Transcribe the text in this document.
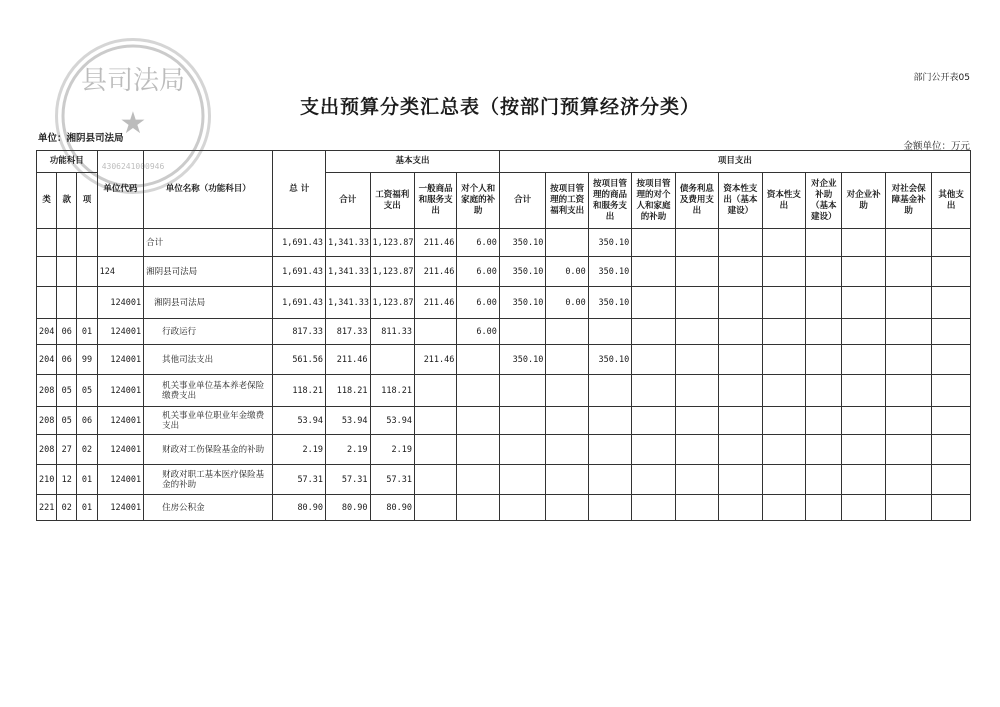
县司法局
★
4306241000946
部门公开表05
支出预算分类汇总表（按部门预算经济分类）
单位：湘阴县司法局
金额单位：万元
功能科目			单位代码	单位名称（功能科目）	总 计	基本支出				项目支出										
类	款	项				合计	工资福利支出	一般商品和服务支出	对个人和家庭的补助	合计	按项目管理的工资福利支出	按项目管理的商品和服务支出	按项目管理的对个人和家庭的补助	债务利息及费用支出	资本性支出（基本建设）	资本性支出	对企业补助（基本建设）	对企业补助	对社会保障基金补助	其他支出
				合计	1,691.43	1,341.33	1,123.87	211.46	6.00	350.10		350.10								
			124	湘阴县司法局	1,691.43	1,341.33	1,123.87	211.46	6.00	350.10	0.00	350.10								
			124001	湘阴县司法局	1,691.43	1,341.33	1,123.87	211.46	6.00	350.10	0.00	350.10								
204	06	01	124001	行政运行	817.33	817.33	811.33		6.00											
204	06	99	124001	其他司法支出	561.56	211.46		211.46		350.10		350.10								
208	05	05	124001	机关事业单位基本养老保险缴费支出	118.21	118.21	118.21													
208	05	06	124001	机关事业单位职业年金缴费支出	53.94	53.94	53.94													
208	27	02	124001	财政对工伤保险基金的补助	2.19	2.19	2.19													
210	12	01	124001	财政对职工基本医疗保险基金的补助	57.31	57.31	57.31													
221	02	01	124001	住房公积金	80.90	80.90	80.90													
